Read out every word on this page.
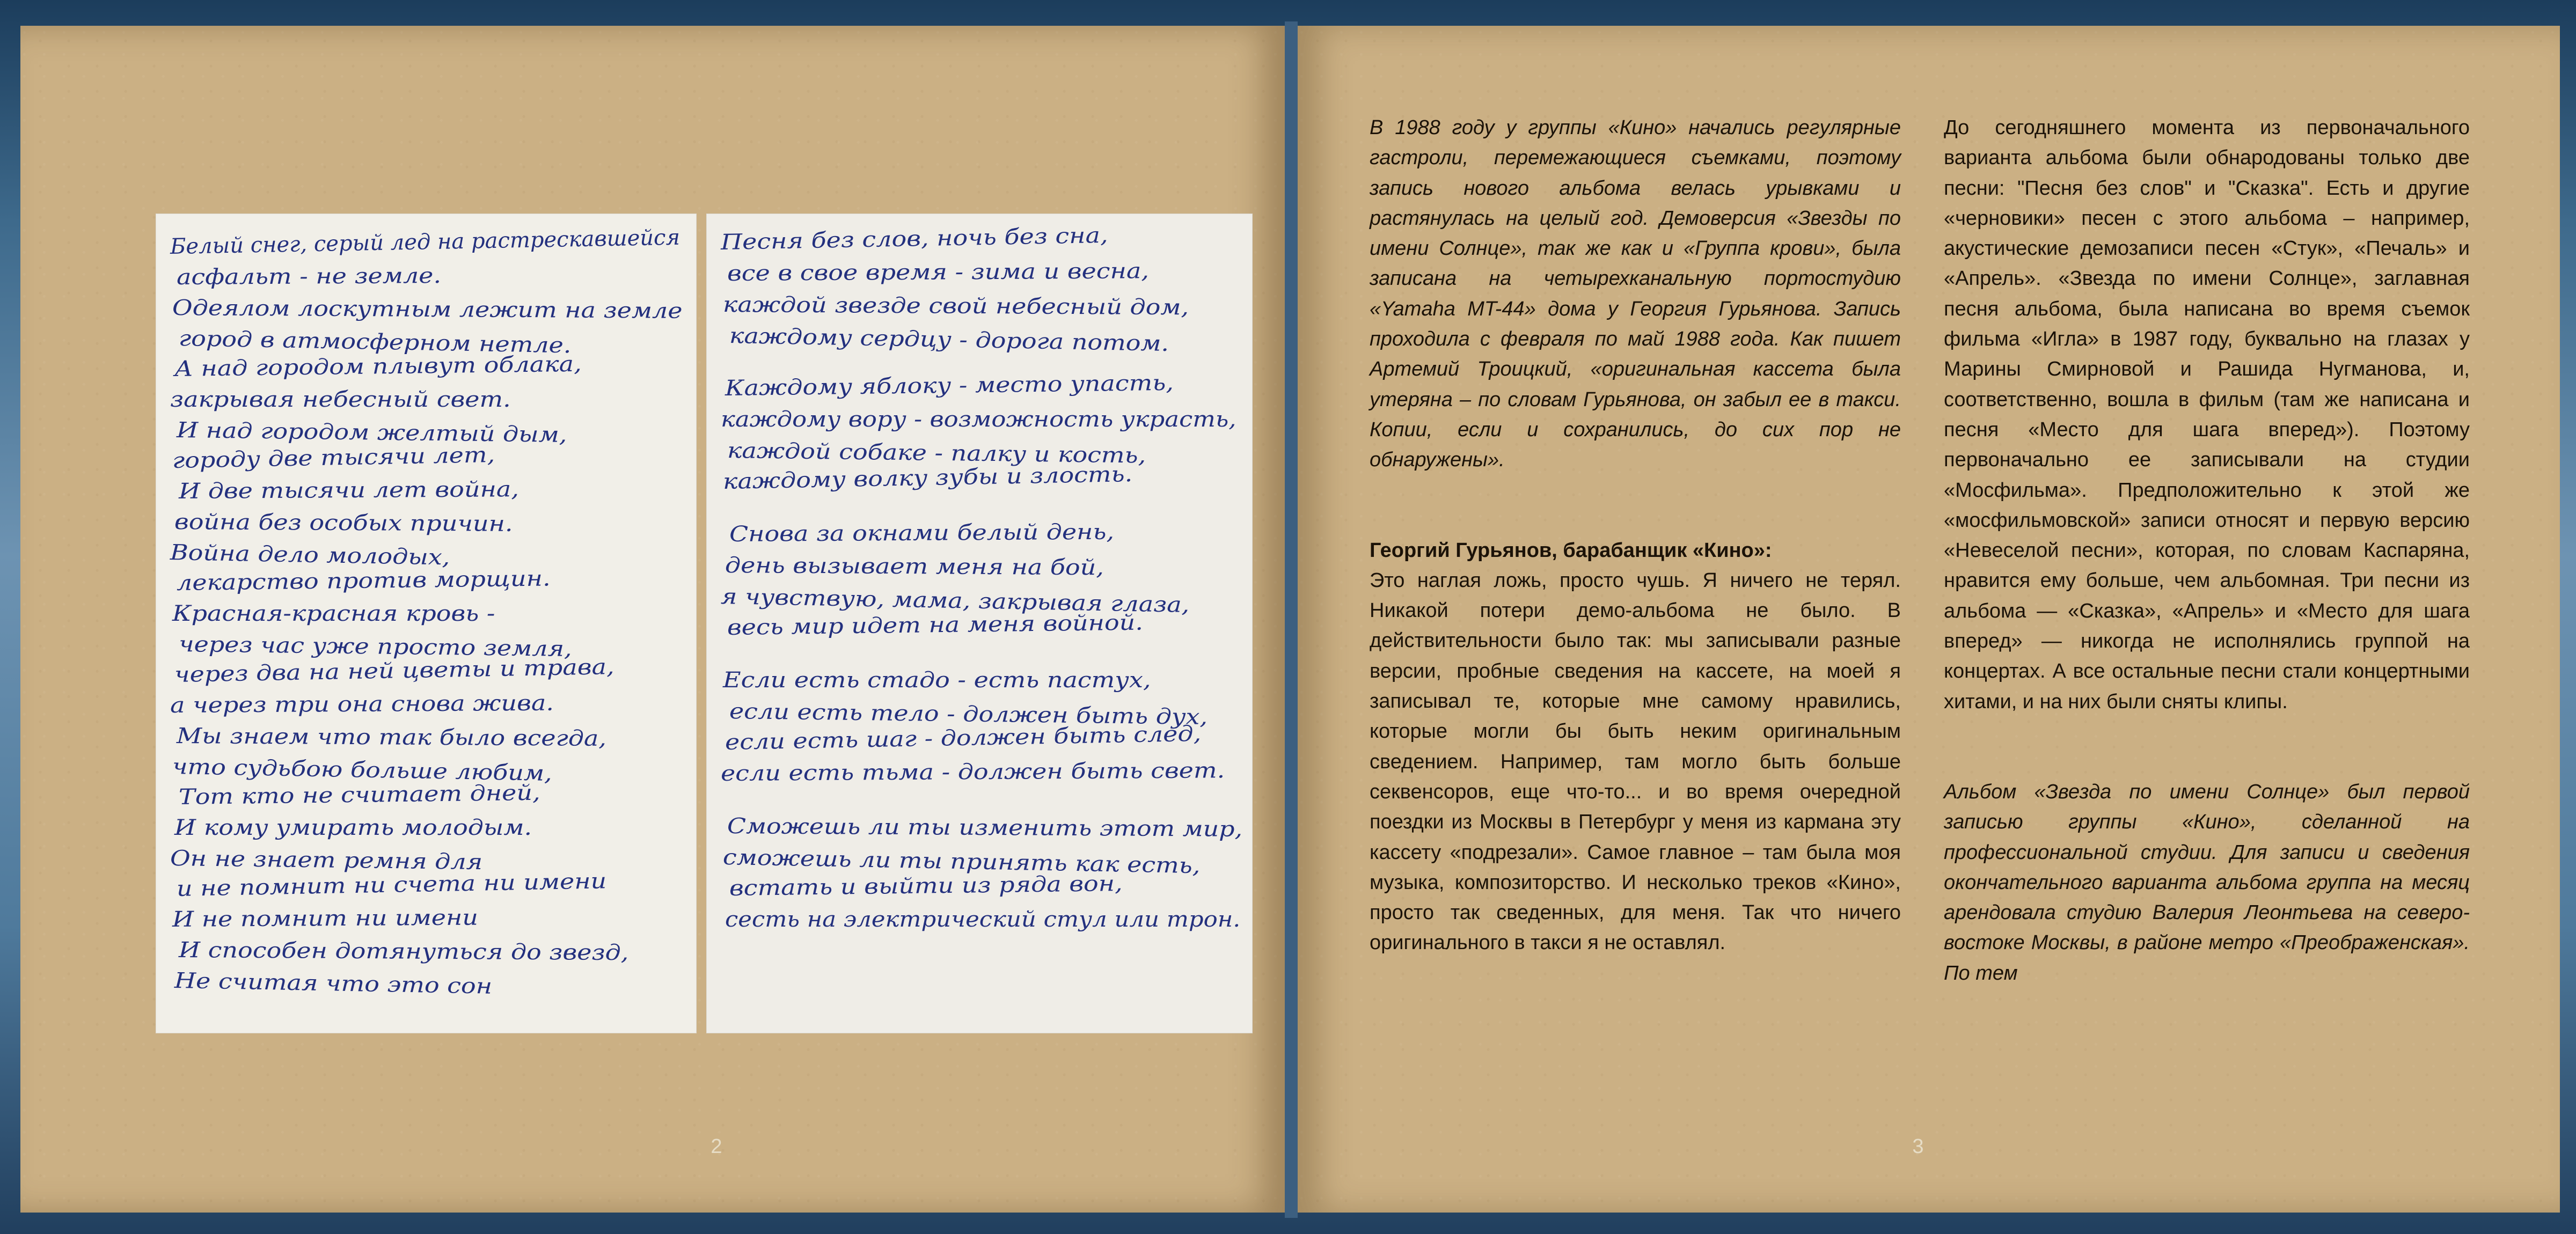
Белый снег, серый лед на растрескавшейся
асфальт - не земле.
Одеялом лоскутным лежит на земле
город в атмосферном нетле.
А над городом плывут облака,
закрывая небесный свет.
И над городом желтый дым,
городу две тысячи лет,
И две тысячи лет война,
война без особых причин.
Война дело молодых,
лекарство против морщин.
Красная-красная кровь -
через час уже просто земля,
через два на ней цветы и трава,
а через три она снова жива.
Мы знаем что так было всегда,
что судьбою больше любим,
Тот кто не считает дней,
И кому умирать молодым.
Он не знает ремня для
и не помнит ни счета ни имени
И не помнит ни имени
И способен дотянуться до звезд,
Не считая что это сон
Песня без слов, ночь без сна,
все в свое время - зима и весна,
каждой звезде свой небесный дом,
каждому сердцу - дорога потом.
Каждому яблоку - место упасть,
каждому вору - возможность украсть,
каждой собаке - палку и кость,
каждому волку зубы и злость.
Снова за окнами белый день,
день вызывает меня на бой,
я чувствую, мама, закрывая глаза,
весь мир идет на меня войной.
Если есть стадо - есть пастух,
если есть тело - должен быть дух,
если есть шаг - должен быть след,
если есть тьма - должен быть свет.
Сможешь ли ты изменить этот мир,
сможешь ли ты принять как есть,
встать и выйти из ряда вон,
сесть на электрический стул или трон.
2	3

В 1988 году у группы «Кино» начались регулярные гастроли, перемежающиеся съемками, поэтому запись нового альбома велась урывками и растянулась на целый год. Демоверсия «Звезды по имени Солнце», так же как и «Группа крови», была записана на четырехканальную портостудию «Yamaha MT-44» дома у Георгия Гурьянова. Запись проходила с февраля по май 1988 года. Как пишет Артемий Троицкий, «оригинальная кассета была утеряна – по словам Гурьянова, он забыл ее в такси. Копии, если и сохранились, до сих пор не обнаружены».

Георгий Гурьянов, барабанщик «Кино»:

Это наглая ложь, просто чушь. Я ничего не терял. Никакой потери демо-альбома не было. В действительности было так: мы записывали разные версии, пробные сведения на кассете, на моей я записывал те, которые мне самому нравились, которые могли бы быть неким оригинальным сведением. Например, там могло быть больше секвенсоров, еще что-то... и во время очередной поездки из Москвы в Петербург у меня из кармана эту кассету «подрезали». Самое главное – там была моя музыка, композиторство. И несколько треков «Кино», просто так сведенных, для меня. Так что ничего оригинального в такси я не оставлял.

До сегодняшнего момента из первоначального варианта альбома были обнародованы только две песни: "Песня без слов" и "Сказка". Есть и другие «черновики» песен с этого альбома – например, акустические демозаписи песен «Стук», «Печаль» и «Апрель». «Звезда по имени Солнце», заглавная песня альбома, была написана во время съемок фильма «Игла» в 1987 году, буквально на глазах у Марины Смирновой и Рашида Нугманова, и, соответственно, вошла в фильм (там же написана и песня «Место для шага вперед»). Поэтому первоначально ее записывали на студии «Мосфильма». Предположительно к этой же «мосфильмовской» записи относят и первую версию «Невеселой песни», которая, по словам Каспаряна, нравится ему больше, чем альбомная. Три песни из альбома — «Сказка», «Апрель» и «Место для шага вперед» — никогда не исполнялись группой на концертах. А все остальные песни стали концертными хитами, и на них были сняты клипы.

Альбом «Звезда по имени Солнце» был первой записью группы «Кино», сделанной на профессиональной студии. Для записи и сведения окончательного варианта альбома группа на месяц арендовала студию Валерия Леонтьева на северо-востоке Москвы, в районе метро «Преображенская». По тем
